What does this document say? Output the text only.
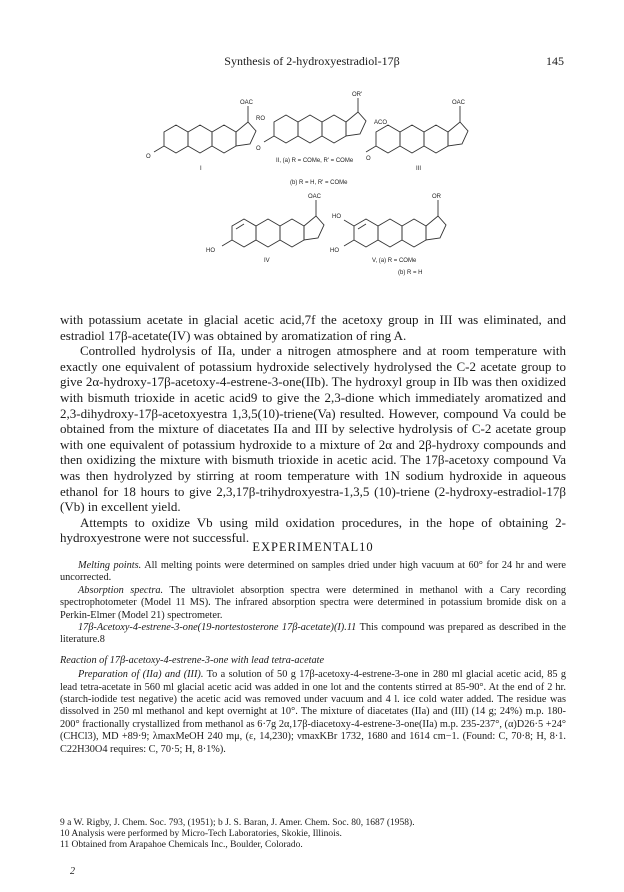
Synthesis of 2-hydroxyestradiol-17β	145
OAC
O
I
OR'
RO
O
II, (a) R = COMe, R' = COMe
(b) R = H, R' = COMe
OAC
ACO
O
III
OAC
HO
IV
OR
HO
HO
V, (a) R = COMe
(b) R = H

with potassium acetate in glacial acetic acid,7f the acetoxy group in III was eliminated, and estradiol 17β-acetate(IV) was obtained by aromatization of ring A.

Controlled hydrolysis of IIa, under a nitrogen atmosphere and at room temperature with exactly one equivalent of potassium hydroxide selectively hydrolysed the C-2 acetate group to give 2α-hydroxy-17β-acetoxy-4-estrene-3-one(IIb). The hydroxyl group in IIb was then oxidized with bismuth trioxide in acetic acid9 to give the 2,3-dione which immediately aromatized and 2,3-dihydroxy-17β-acetoxyestra 1,3,5(10)-triene(Va) resulted. However, compound Va could be obtained from the mixture of diacetates IIa and III by selective hydrolysis of C-2 acetate group with one equivalent of potassium hydroxide to a mixture of 2α and 2β-hydroxy compounds and then oxidizing the mixture with bismuth trioxide in acetic acid. The 17β-acetoxy compound Va was then hydrolyzed by stirring at room temperature with 1N sodium hydroxide in aqueous ethanol for 18 hours to give 2,3,17β-trihydroxyestra-1,3,5 (10)-triene (2-hydroxy-estradiol-17β (Vb) in excellent yield.

Attempts to oxidize Vb using mild oxidation procedures, in the hope of obtaining 2-hydroxyestrone were not successful.

EXPERIMENTAL10

Melting points. All melting points were determined on samples dried under high vacuum at 60° for 24 hr and were uncorrected.

Absorption spectra. The ultraviolet absorption spectra were determined in methanol with a Cary recording spectrophotometer (Model 11 MS). The infrared absorption spectra were determined in potassium bromide disk on a Perkin-Elmer (Model 21) spectrometer.

17β-Acetoxy-4-estrene-3-one(19-nortestosterone 17β-acetate)(I).11 This compound was prepared as described in the literature.8

Reaction of 17β-acetoxy-4-estrene-3-one with lead tetra-acetate

Preparation of (IIa) and (III). To a solution of 50 g 17β-acetoxy-4-estrene-3-one in 280 ml glacial acetic acid, 85 g lead tetra-acetate in 560 ml glacial acetic acid was added in one lot and the contents stirred at 85-90°. At the end of 2 hr. (starch-iodide test negative) the acetic acid was removed under vacuum and 4 l. ice cold water added. The residue was dissolved in 250 ml methanol and kept overnight at 10°. The mixture of diacetates (IIa) and (III) (14 g; 24%) m.p. 180-200° fractionally crystallized from methanol as 6·7g 2α,17β-diacetoxy-4-estrene-3-one(IIa) m.p. 235-237°, (α)D26·5 +24° (CHCl3), MD +89·9; λmaxMeOH 240 mμ, (ε, 14,230); νmaxKBr 1732, 1680 and 1614 cm−1. (Found: C, 70·8; H, 8·1. C22H30O4 requires: C, 70·5; H, 8·1%).

9 a W. Rigby, J. Chem. Soc. 793, (1951); b J. S. Baran, J. Amer. Chem. Soc. 80, 1687 (1958).
10 Analysis were performed by Micro-Tech Laboratories, Skokie, Illinois.
11 Obtained from Arapahoe Chemicals Inc., Boulder, Colorado.
2
